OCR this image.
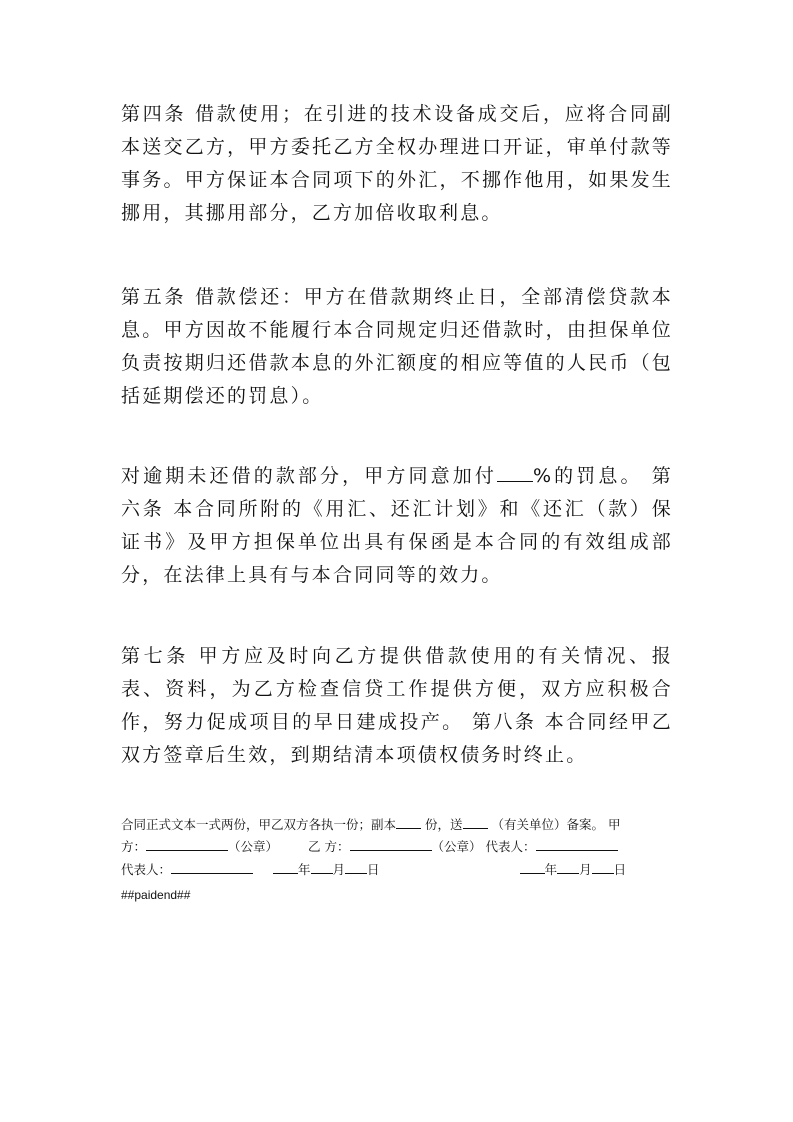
第四条 借款使用；在引进的技术设备成交后，应将合同副本送交乙方，甲方委托乙方全权办理进口开证，审单付款等事务。甲方保证本合同项下的外汇，不挪作他用，如果发生挪用，其挪用部分，乙方加倍收取利息。

第五条 借款偿还：甲方在借款期终止日，全部清偿贷款本息。甲方因故不能履行本合同规定归还借款时，由担保单位负责按期归还借款本息的外汇额度的相应等值的人民币（包括延期偿还的罚息）。

对逾期未还借的款部分，甲方同意加付 %的罚息。 第六条 本合同所附的《用汇、还汇计划》和《还汇（款）保证书》及甲方担保单位出具有保函是本合同的有效组成部分，在法律上具有与本合同同等的效力。

第七条 甲方应及时向乙方提供借款使用的有关情况、报表、资料，为乙方检查信贷工作提供方便，双方应积极合作，努力促成项目的早日建成投产。 第八条 本合同经甲乙双方签章后生效，到期结清本项债权债务时终止。

合同正式文本一式两份，甲乙双方各执一份；副本 份，送 （有关单位）备案。 甲
方：	（公章） 乙 方：	（公章） 代表人：
代表人：	年 月 日	年 月 日
##paidend##
